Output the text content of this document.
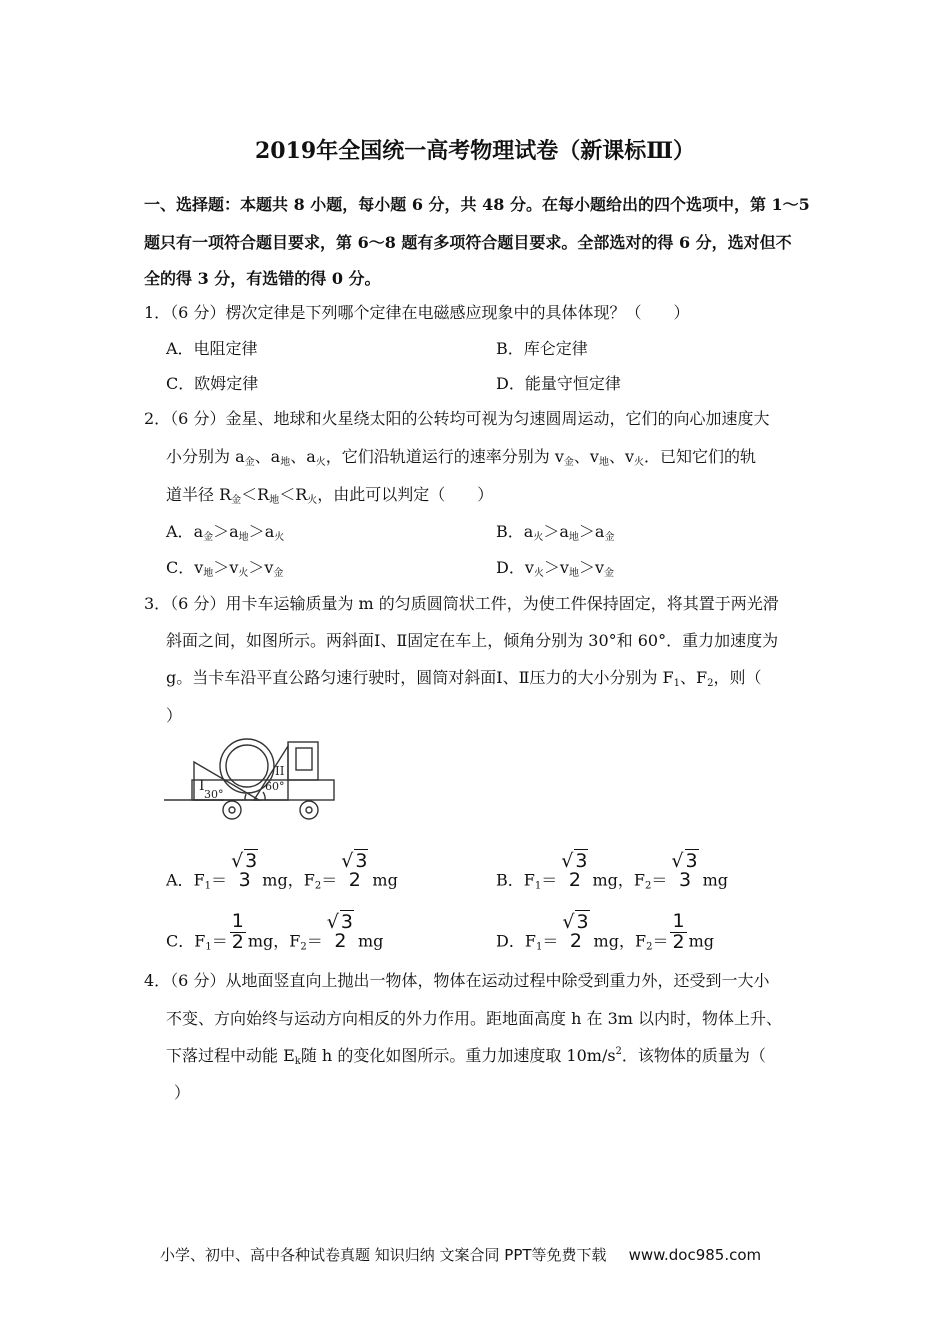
2019年全国统一高考物理试卷（新课标Ⅲ）
一、选择题：本题共 8 小题，每小题 6 分，共 48 分。在每小题给出的四个选项中，第 1～5
题只有一项符合题目要求，第 6～8 题有多项符合题目要求。全部选对的得 6 分，选对但不
全的得 3 分，有选错的得 0 分。
1．（6 分）楞次定律是下列哪个定律在电磁感应现象中的具体体现？（　　）
A．电阻定律	B．库仑定律
C．欧姆定律	D．能量守恒定律
2．（6 分）金星、地球和火星绕太阳的公转均可视为匀速圆周运动，它们的向心加速度大
小分别为 $a_金$、$a_地$、$a_火$，它们沿轨道运行的速率分别为 $v_金$、$v_地$、$v_火$．已知它们的轨
道半径 $R_金<R_地<R_火$，由此可以判定（　　）
A．$a_金>a_地>a_火$	B．$a_火>a_地>a_金$
C．$v_地>v_火>v_金$	D．$v_火>v_地>v_金$
3．（6 分）用卡车运输质量为 m 的匀质圆筒状工件，为使工件保持固定，将其置于两光滑
斜面之间，如图所示。两斜面Ⅰ、Ⅱ固定在车上，倾角分别为 30°和 60°．重力加速度为
g。当卡车沿平直公路匀速行驶时，圆筒对斜面Ⅰ、Ⅱ压力的大小分别为 $F_1$、$F_2$，则（
）
I
30°
II
60°
A．$F_1=$
√ 3
3 mg，$F_2=$
√ 3
2 mg	B．$F_1=$
√ 3
2 mg，$F_2=$
√ 3
3 mg
C．$F_1= \frac{1}{2}$ mg，$F_2=$
√ 3
2 mg	D．$F_1=$
√ 3
2 mg，$F_2= \frac{1}{2}$ mg
4．（6 分）从地面竖直向上抛出一物体，物体在运动过程中除受到重力外，还受到一大小
不变、方向始终与运动方向相反的外力作用。距地面高度 h 在 3m 以内时，物体上升、
下落过程中动能 $E_k$随 h 的变化如图所示。重力加速度取 $10m/s^2$．该物体的质量为（
）
小学、初中、高中各种试卷真题 知识归纳 文案合同 PPT等免费下载 www.doc985.com
